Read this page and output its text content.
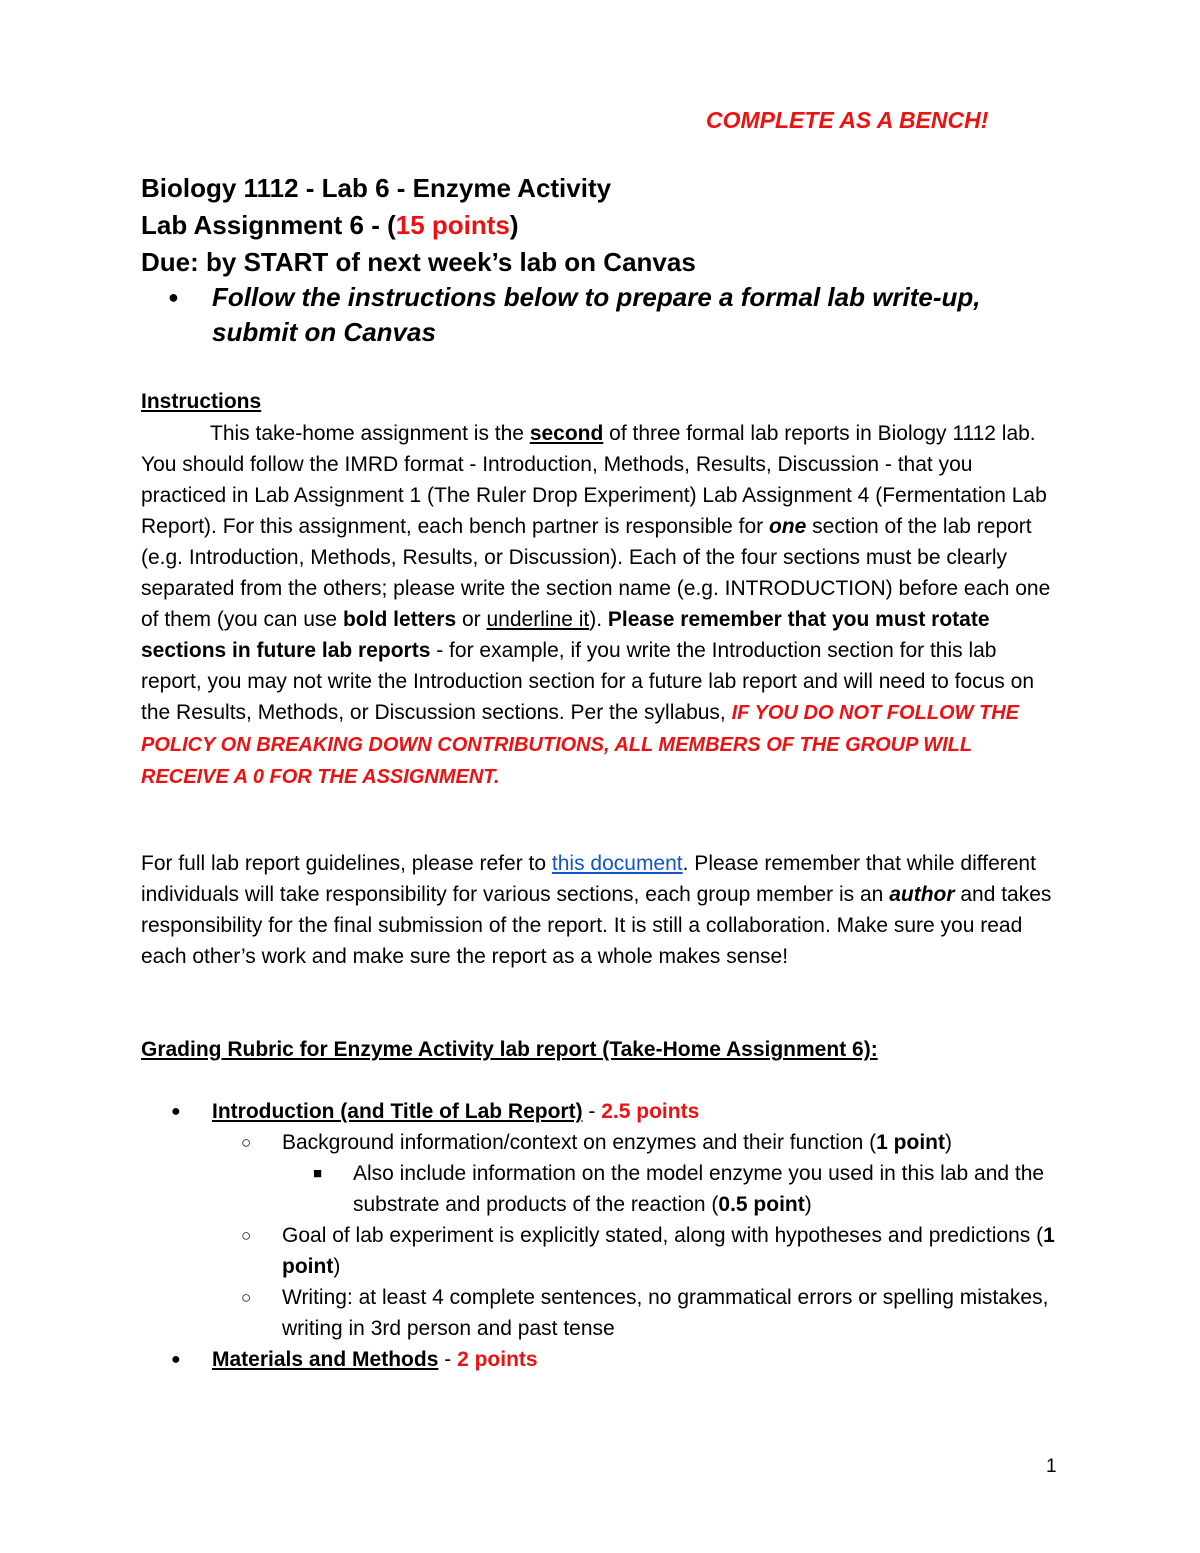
COMPLETE AS A BENCH!
Biology 1112 - Lab 6 - Enzyme Activity
Lab Assignment 6 - (15 points)
Due: by START of next week’s lab on Canvas
● Follow the instructions below to prepare a formal lab write-up, submit on Canvas
Instructions
This take-home assignment is the second of three formal lab reports in Biology 1112 lab. You should follow the IMRD format - Introduction, Methods, Results, Discussion - that you practiced in Lab Assignment 1 (The Ruler Drop Experiment) Lab Assignment 4 (Fermentation Lab Report). For this assignment, each bench partner is responsible for one section of the lab report (e.g. Introduction, Methods, Results, or Discussion). Each of the four sections must be clearly separated from the others; please write the section name (e.g. INTRODUCTION) before each one of them (you can use bold letters or underline it). Please remember that you must rotate sections in future lab reports - for example, if you write the Introduction section for this lab report, you may not write the Introduction section for a future lab report and will need to focus on the Results, Methods, or Discussion sections. Per the syllabus, IF YOU DO NOT FOLLOW THE POLICY ON BREAKING DOWN CONTRIBUTIONS, ALL MEMBERS OF THE GROUP WILL RECEIVE A 0 FOR THE ASSIGNMENT.
For full lab report guidelines, please refer to this document. Please remember that while different individuals will take responsibility for various sections, each group member is an author and takes responsibility for the final submission of the report. It is still a collaboration. Make sure you read each other’s work and make sure the report as a whole makes sense!
Grading Rubric for Enzyme Activity lab report (Take-Home Assignment 6):
● Introduction (and Title of Lab Report) - 2.5 points
○ Background information/context on enzymes and their function (1 point)
■ Also include information on the model enzyme you used in this lab and the substrate and products of the reaction (0.5 point)
○ Goal of lab experiment is explicitly stated, along with hypotheses and predictions (1 point)
○ Writing: at least 4 complete sentences, no grammatical errors or spelling mistakes, writing in 3rd person and past tense
● Materials and Methods - 2 points
1
